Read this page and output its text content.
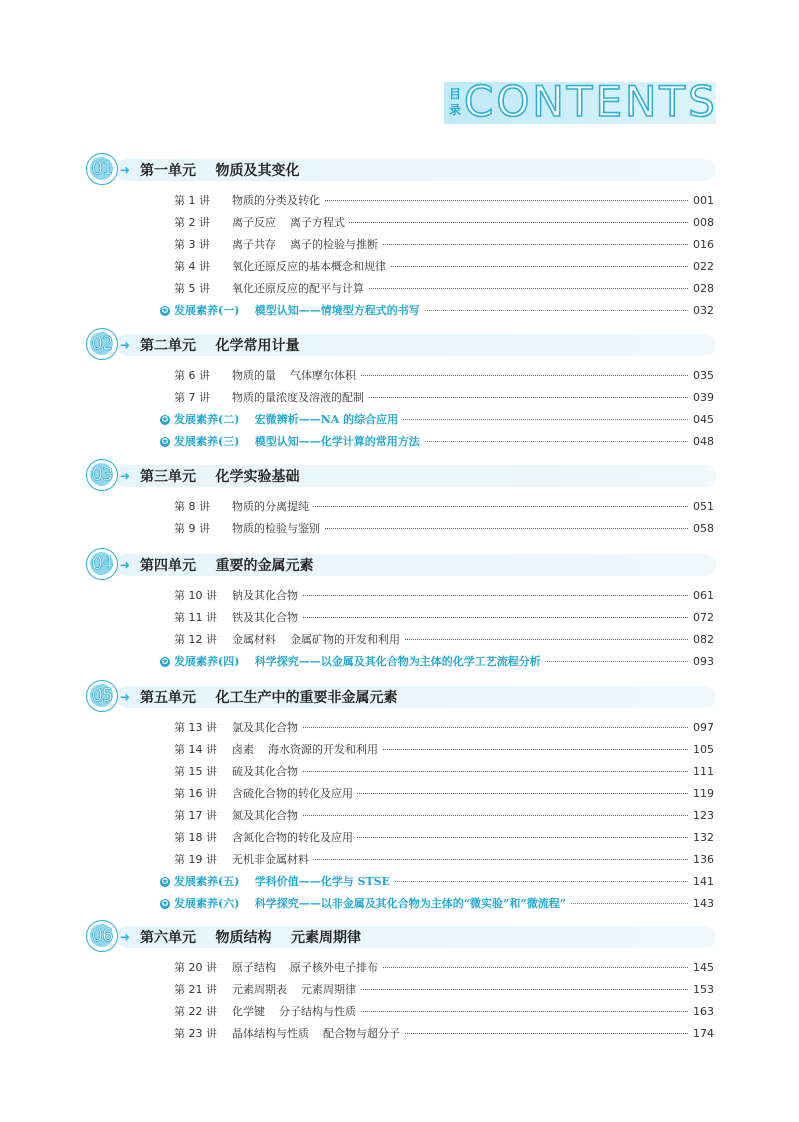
目录 CONTENTS
01 ➜ 第一单元    物质及其变化
第 1 讲 物质的分类及转化	001
第 2 讲 离子反应    离子方程式	008
第 3 讲 离子共存    离子的检验与推断	016
第 4 讲 氧化还原反应的基本概念和规律	022
第 5 讲 氧化还原反应的配平与计算	028
✪ 发展素养(一)    模型认知——情境型方程式的书写	032
02 ➜ 第二单元    化学常用计量
第 6 讲 物质的量    气体摩尔体积	035
第 7 讲 物质的量浓度及溶液的配制	039
✪ 发展素养(二)    宏微辨析——NA 的综合应用	045
✪ 发展素养(三)    模型认知——化学计算的常用方法	048
03 ➜ 第三单元    化学实验基础
第 8 讲 物质的分离提纯	051
第 9 讲 物质的检验与鉴别	058
04 ➜ 第四单元    重要的金属元素
第 10 讲 钠及其化合物	061
第 11 讲 铁及其化合物	072
第 12 讲 金属材料    金属矿物的开发和利用	082
✪ 发展素养(四)    科学探究——以金属及其化合物为主体的化学工艺流程分析	093
05 ➜ 第五单元    化工生产中的重要非金属元素
第 13 讲 氯及其化合物	097
第 14 讲 卤素    海水资源的开发和利用	105
第 15 讲 硫及其化合物	111
第 16 讲 含硫化合物的转化及应用	119
第 17 讲 氮及其化合物	123
第 18 讲 含氮化合物的转化及应用	132
第 19 讲 无机非金属材料	136
✪ 发展素养(五)    学科价值——化学与 STSE	141
✪ 发展素养(六)    科学探究——以非金属及其化合物为主体的“微实验”和“微流程”	143
06 ➜ 第六单元    物质结构    元素周期律
第 20 讲 原子结构    原子核外电子排布	145
第 21 讲 元素周期表    元素周期律	153
第 22 讲 化学键    分子结构与性质	163
第 23 讲 晶体结构与性质    配合物与超分子	174
